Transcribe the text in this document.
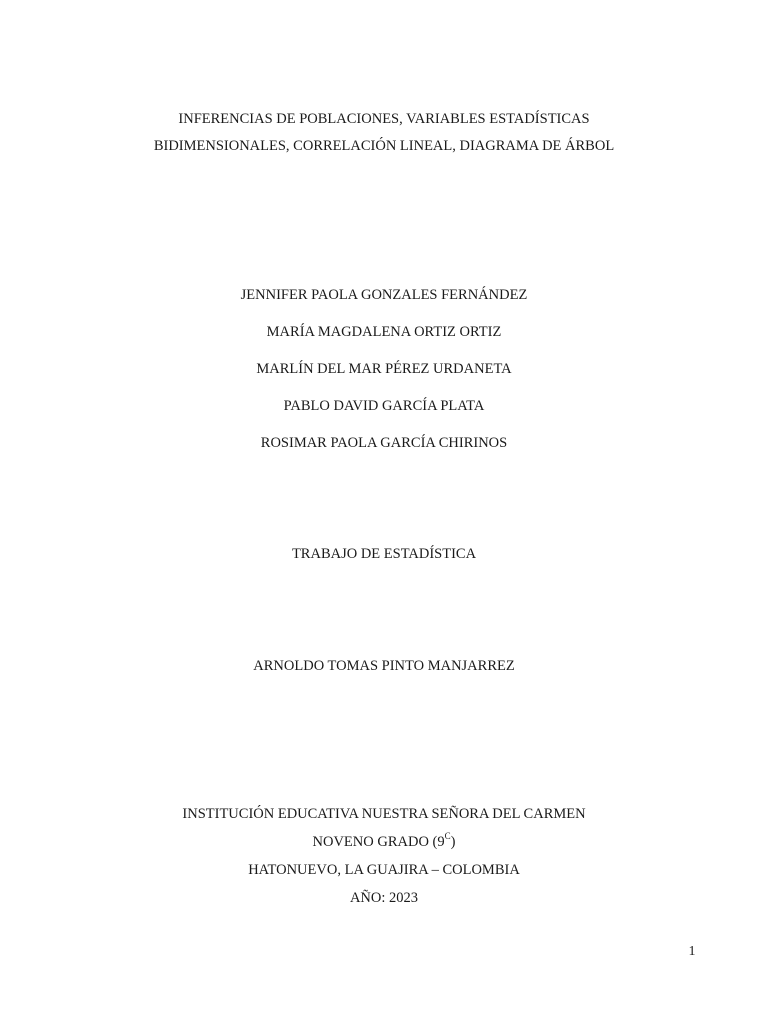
INFERENCIAS DE POBLACIONES, VARIABLES ESTADÍSTICAS
BIDIMENSIONALES, CORRELACIÓN LINEAL, DIAGRAMA DE ÁRBOL
JENNIFER PAOLA GONZALES FERNÁNDEZ
MARÍA MAGDALENA ORTIZ ORTIZ
MARLÍN DEL MAR PÉREZ URDANETA
PABLO DAVID GARCÍA PLATA
ROSIMAR PAOLA GARCÍA CHIRINOS
TRABAJO DE ESTADÍSTICA
ARNOLDO TOMAS PINTO MANJARREZ
INSTITUCIÓN EDUCATIVA NUESTRA SEÑORA DEL CARMEN
NOVENO GRADO $(9^C)$
HATONUEVO, LA GUAJIRA – COLOMBIA
AÑO: 2023
1
